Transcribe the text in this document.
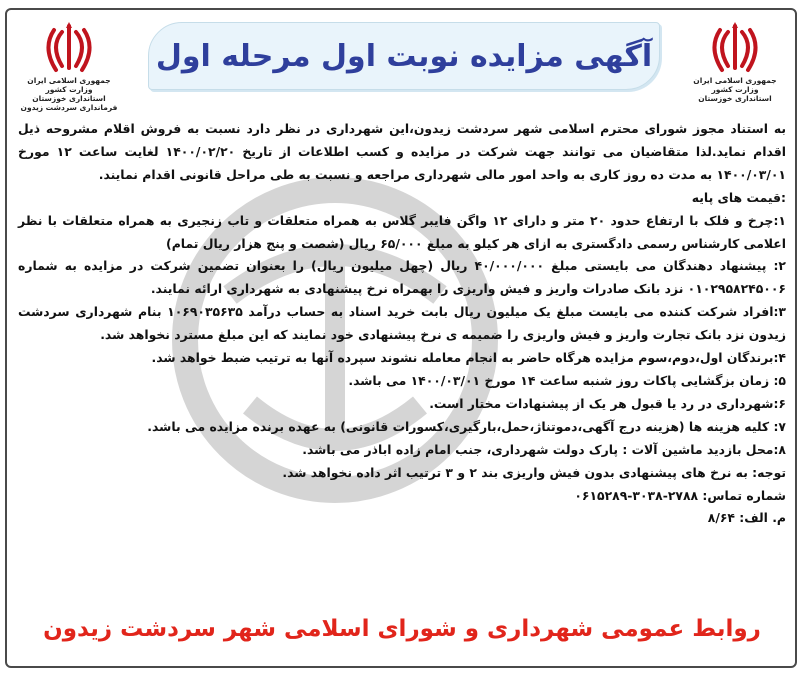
جمهوری اسلامی ایران
وزارت کشور
استانداری خوزستان
جمهوری اسلامی ایران
وزارت کشور
استانداری خوزستان
فرمانداری سردشت زیدون
آگهی مزایده نوبت اول مرحله اول

به استناد مجوز شورای محترم اسلامی شهر سردشت زیدون،این شهرداری در نظر دارد نسبت به فروش اقلام مشروحه ذیل

اقدام نماید.لذا متقاضیان می توانند جهت شرکت در مزایده و کسب اطلاعات از تاریخ ۱۴۰۰/۰۲/۲۰ لغایت ساعت ۱۲ مورخ

۱۴۰۰/۰۳/۰۱ به مدت ده روز کاری به واحد امور مالی شهرداری مراجعه و نسبت به طی مراحل قانونی اقدام نمایند.

:قیمت های پایه

۱:چرخ و فلک با ارتفاع حدود ۲۰ متر و دارای ۱۲ واگن فایبر گلاس به همراه متعلقات و تاب زنجیری به همراه متعلقات با نظر

اعلامی کارشناس رسمی دادگستری به ازای هر کیلو به مبلغ ۶۵/۰۰۰ ریال (شصت و پنج هزار ریال تمام)

۲: پیشنهاد دهندگان می بایستی مبلغ ۴۰/۰۰۰/۰۰۰ ریال (چهل میلیون ریال) را بعنوان تضمین شرکت در مزایده به شماره

۰۱۰۲۹۵۸۲۴۵۰۰۶ نزد بانک صادرات واریز و فیش واریزی را بهمراه نرخ پیشنهادی به شهرداری ارائه نمایند.

۳:افراد شرکت کننده می بایست مبلغ یک میلیون ریال بابت خرید اسناد به حساب درآمد ۱۰۶۹۰۳۵۶۳۵ بنام شهرداری سردشت

زیدون نزد بانک تجارت واریز و فیش واریزی را ضمیمه ی نرخ پیشنهادی خود نمایند که این مبلغ مسترد نخواهد شد.

۴:برندگان اول،دوم،سوم مزایده هرگاه حاضر به انجام معامله نشوند سپرده آنها به ترتیب ضبط خواهد شد.

۵: زمان بزگشایی پاکات روز شنبه ساعت ۱۴ مورخ ۱۴۰۰/۰۳/۰۱ می باشد.

۶:شهرداری در رد یا قبول هر یک از پیشنهادات مختار است.

۷: کلیه هزینه ها (هزینه درج آگهی،دموتناژ،حمل،بارگیری،کسورات قانونی) به عهده برنده مزایده می باشد.

۸:محل بازدید ماشین آلات : پارک دولت شهرداری، جنب امام زاده اباذر می باشد.

توجه: به نرخ های پیشنهادی بدون فیش واریزی بند ۲ و ۳ ترتیب اثر داده نخواهد شد.

شماره تماس: ۲۷۸۸-۳۰۳۸-۰۶۱۵۲۸۹

م. الف: ۸/۶۴

روابط عمومی شهرداری و شورای اسلامی شهر سردشت زیدون
